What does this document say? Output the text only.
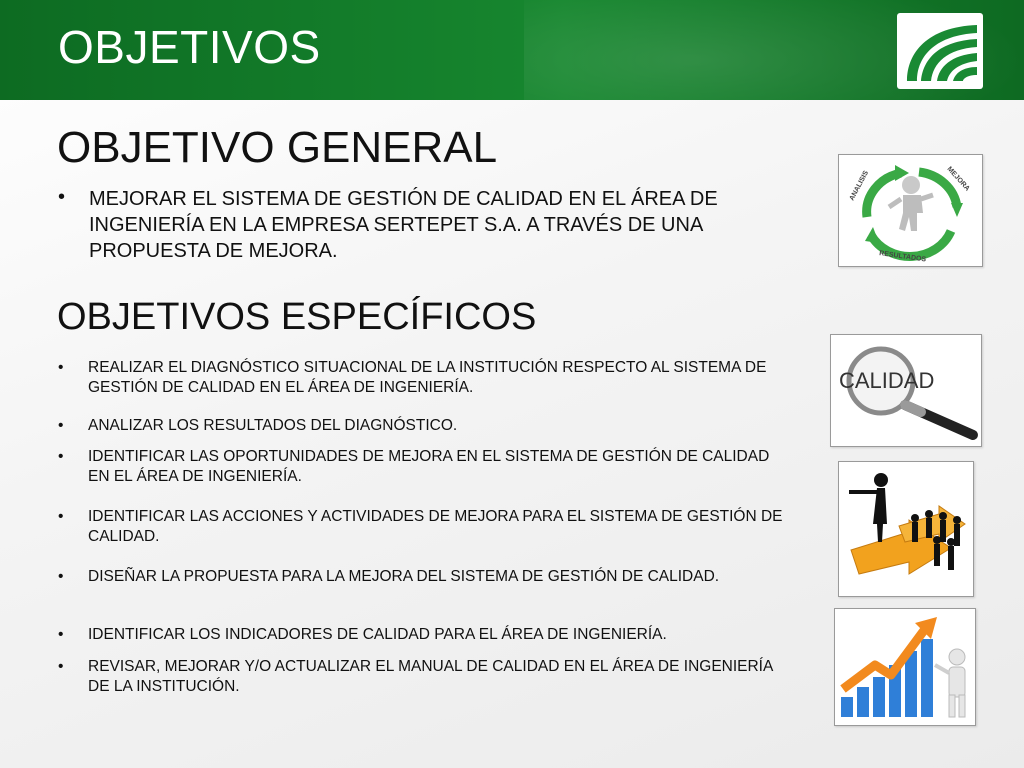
OBJETIVOS
OBJETIVO GENERAL
• MEJORAR EL SISTEMA DE GESTIÓN DE CALIDAD EN EL ÁREA DE INGENIERÍA EN LA EMPRESA SERTEPET S.A. A TRAVÉS DE UNA PROPUESTA DE MEJORA.
OBJETIVOS ESPECÍFICOS
• REALIZAR EL DIAGNÓSTICO SITUACIONAL DE LA INSTITUCIÓN RESPECTO AL SISTEMA DE GESTIÓN DE CALIDAD EN EL ÁREA DE INGENIERÍA.
• ANALIZAR LOS RESULTADOS DEL DIAGNÓSTICO.
• IDENTIFICAR LAS OPORTUNIDADES DE MEJORA EN EL SISTEMA DE GESTIÓN DE CALIDAD EN EL ÁREA DE INGENIERÍA.
• IDENTIFICAR LAS ACCIONES Y ACTIVIDADES DE MEJORA PARA EL SISTEMA DE GESTIÓN DE CALIDAD.
• DISEÑAR LA PROPUESTA PARA LA MEJORA DEL SISTEMA DE GESTIÓN DE CALIDAD.
• IDENTIFICAR LOS INDICADORES DE CALIDAD PARA EL ÁREA DE INGENIERÍA.
• REVISAR, MEJORAR Y/O ACTUALIZAR EL MANUAL DE CALIDAD EN EL ÁREA DE INGENIERÍA DE LA INSTITUCIÓN.
ANALISIS	MEJORA
RESULTADOS
CALIDAD
